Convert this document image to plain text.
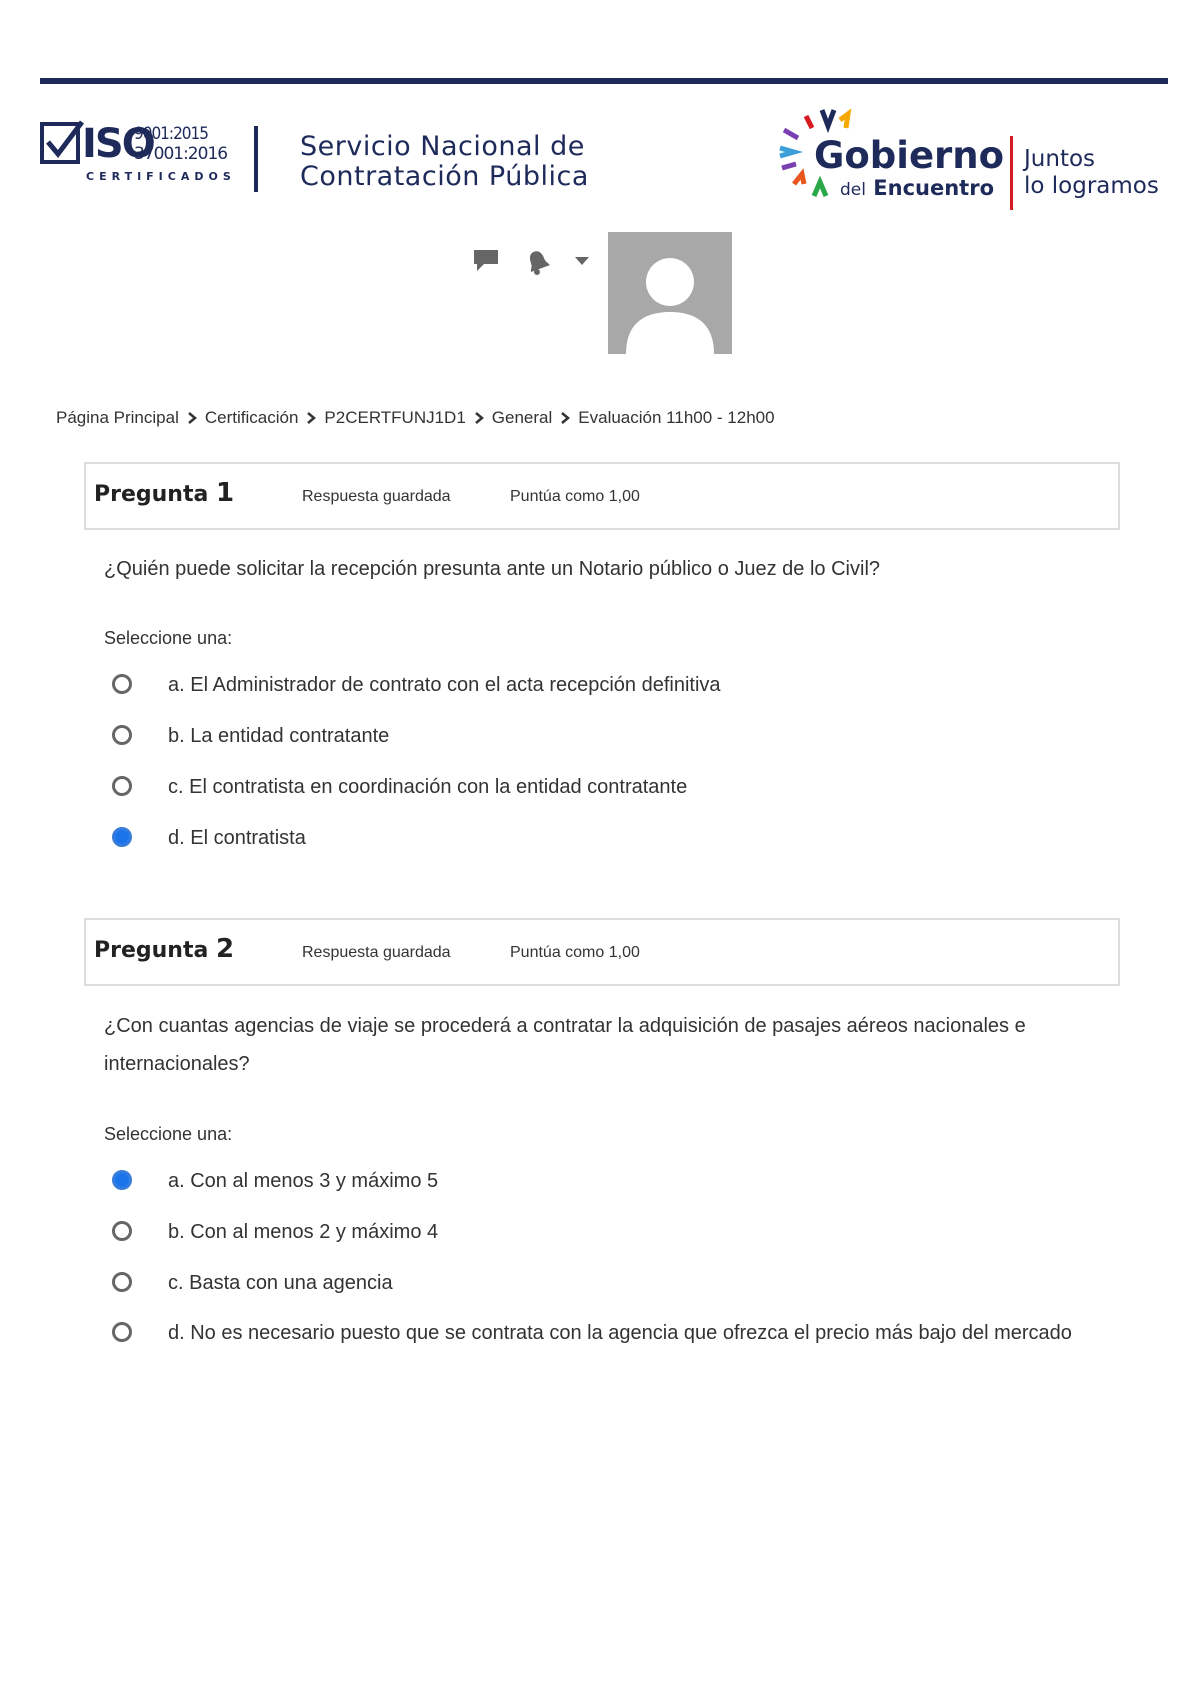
ISO
9001:2015
37001:2016
CERTIFICADOS
Servicio Nacional de
Contratación Pública	Gobierno
del Encuentro
Juntos
lo logramos
Página Principal Certificación P2CERTFUNJ1D1 General Evaluación 11h00 - 12h00
Pregunta 1	Respuesta guardada	Puntúa como 1,00
¿Quién puede solicitar la recepción presunta ante un Notario público o Juez de lo Civil?
Seleccione una:
a. El Administrador de contrato con el acta recepción definitiva
b. La entidad contratante
c. El contratista en coordinación con la entidad contratante
d. El contratista
Pregunta 2	Respuesta guardada	Puntúa como 1,00
¿Con cuantas agencias de viaje se procederá a contratar la adquisición de pasajes aéreos nacionales e internacionales?
Seleccione una:
a. Con al menos 3 y máximo 5
b. Con al menos 2 y máximo 4
c. Basta con una agencia
d. No es necesario puesto que se contrata con la agencia que ofrezca el precio más bajo del mercado
